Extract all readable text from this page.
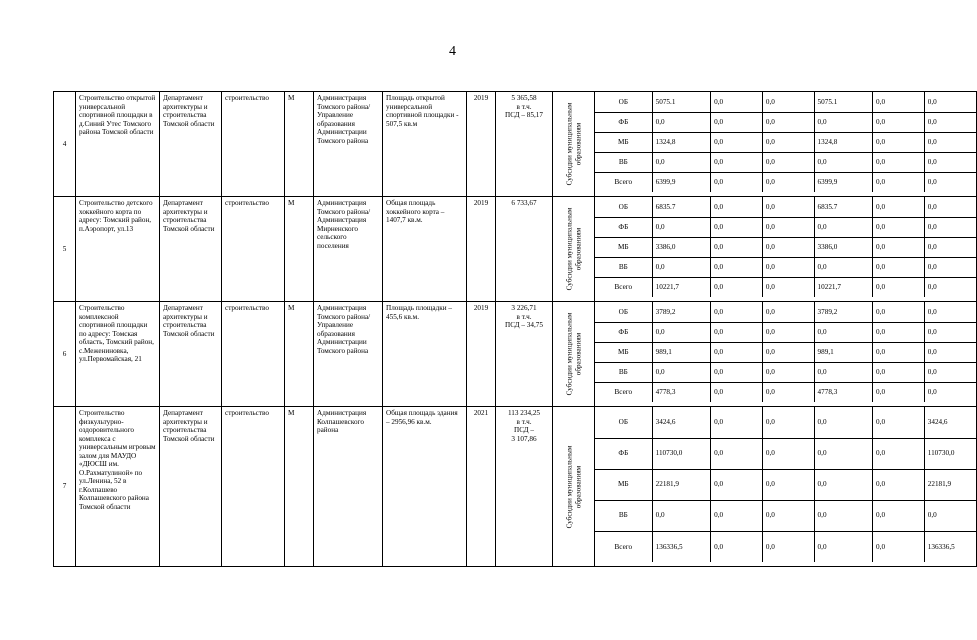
4
4	Строительство открытой универсальной спортивной площадки в д.Синий Утес Томского района Томской области	Департамент архитектуры и строительства Томской области	строительство	М	Администрация Томского района/Управление образования Администрации Томского района	Площадь открытой универсальной спортивной площадки - 507,5 кв.м	2019	5 365,58
в т.ч.
ПСД – 85,17	Субсидии муниципальным образованиям

ОБ	5075.1	0,0	0,0	5075.1	0,0	0,0
ФБ	0,0	0,0	0,0	0,0	0,0	0,0
МБ	1324,8	0,0	0,0	1324,8	0,0	0,0
ВБ	0,0	0,0	0,0	0,0	0,0	0,0
Всего	6399,9	0,0	0,0	6399,9	0,0	0,0

5	Строительство детского хоккейного корта по адресу: Томский район, п.Аэропорт, ул.13	Департамент архитектуры и строительства Томской области	строительство	М	Администрация Томского района/ Администрация Мирненского сельского поселения	Общая площадь хоккейного корта – 1407,7 кв.м.	2019	6 733,67	
Субсидии муниципальным образованиям

ОБ	6835.7	0,0	0,0	6835.7	0,0	0,0
ФБ	0,0	0,0	0,0	0,0	0,0	0,0
МБ	3386,0	0,0	0,0	3386,0	0,0	0,0
ВБ	0,0	0,0	0,0	0,0	0,0	0,0
Всего	10221,7	0,0	0,0	10221,7	0,0	0,0

6	Строительство комплексной спортивной площадки по адресу: Томская область, Томский район, с.Межениновка, ул.Первомайская, 21	Департамент архитектуры и строительства Томской области	строительство	М	Администрация Томского района/Управление образования Администрации Томского района	Площадь площадки – 455,6 кв.м.	2019	3 226,71
в т.ч.
ПСД – 34,75	Субсидии муниципальным образованиям

ОБ	3789,2	0,0	0,0	3789,2	0,0	0,0
ФБ	0,0	0,0	0,0	0,0	0,0	0,0
МБ	989,1	0,0	0,0	989,1	0,0	0,0
ВБ	0,0	0,0	0,0	0,0	0,0	0,0
Всего	4778,3	0,0	0,0	4778,3	0,0	0,0

7	Строительство физкультурно-оздоровительного комплекса с универсальным игровым залом для МАУДО «ДЮСШ им. О.Рахматулиной» по ул.Ленина, 52 в г.Колпашево Колпашевского района Томской области	Департамент архитектуры и строительства Томской области	строительство	М	Администрация Колпашевского района	Общая площадь здания – 2956,96 кв.м.	2021	113 234,25
в т.ч.
ПСД –
3 107,86	
Субсидии муниципальным образованиям

ОБ	3424,6	0,0	0,0	0,0	0,0	3424,6
ФБ	110730,0	0,0	0,0	0,0	0,0	110730,0
МБ	22181,9	0,0	0,0	0,0	0,0	22181,9
ВБ	0,0	0,0	0,0	0,0	0,0	0,0
Всего	136336,5	0,0	0,0	0,0	0,0	136336,5
